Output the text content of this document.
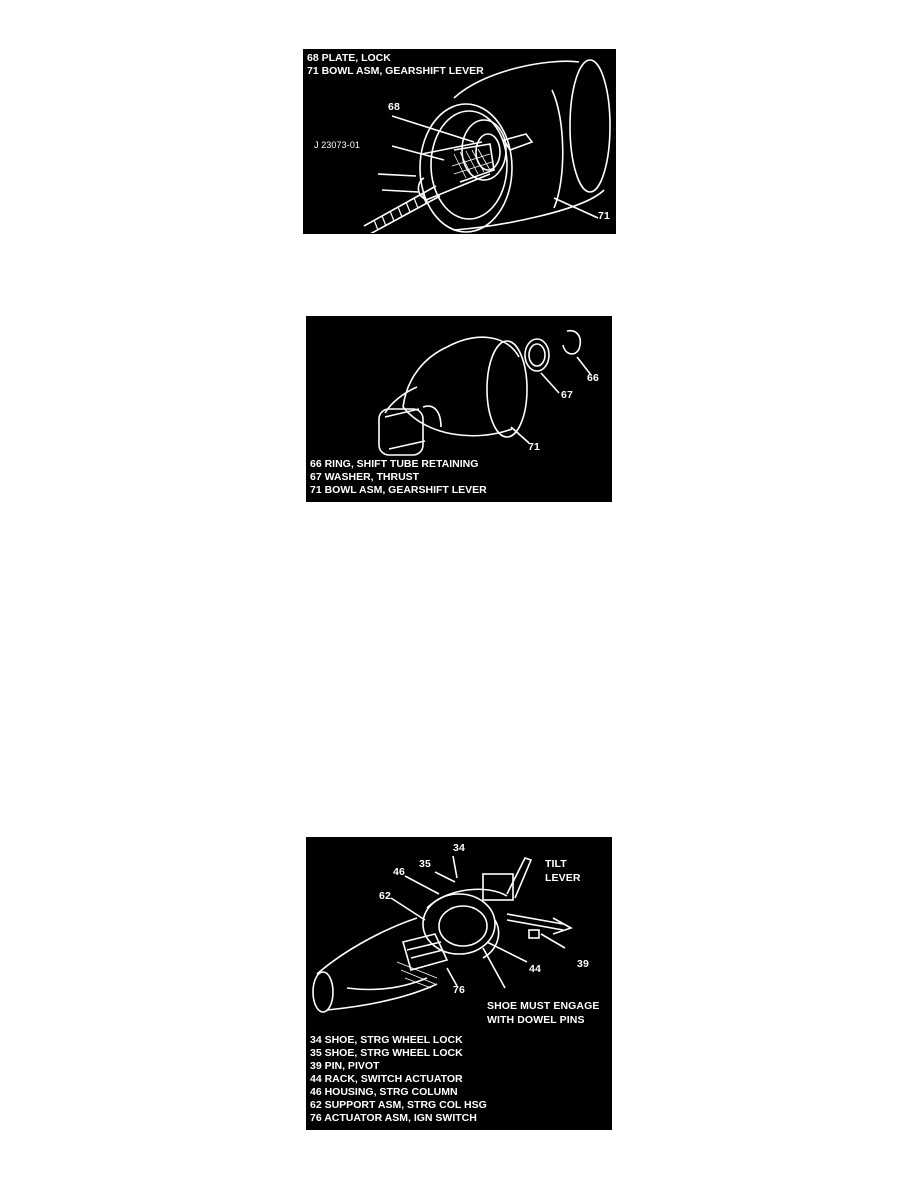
68 PLATE, LOCK
71 BOWL ASM, GEARSHIFT LEVER
68
J 23073-01
71
66
67
71
66 RING, SHIFT TUBE RETAINING
67 WASHER, THRUST
71 BOWL ASM, GEARSHIFT LEVER
34
35
46
62
TILT
LEVER
44	39
76
SHOE MUST ENGAGE
WITH DOWEL PINS
34 SHOE, STRG WHEEL LOCK
35 SHOE, STRG WHEEL LOCK
39 PIN, PIVOT
44 RACK, SWITCH ACTUATOR
46 HOUSING, STRG COLUMN
62 SUPPORT ASM, STRG COL HSG
76 ACTUATOR ASM, IGN SWITCH
